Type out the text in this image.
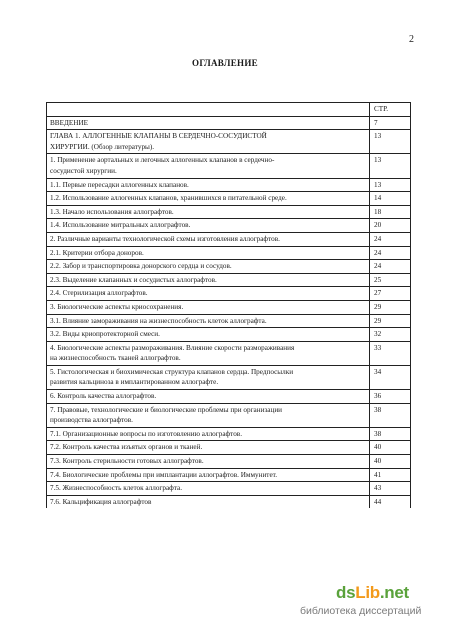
2
ОГЛАВЛЕНИЕ
	СТР.

ВВЕДЕНИЕ	7

ГЛАВА 1. АЛЛОГЕННЫЕ КЛАПАНЫ В СЕРДЕЧНО-СОСУДИСТОЙ
ХИРУРГИИ. (Обзор литературы).	13

1. Применение аортальных и легочных аллогенных клапанов в сердечно-
сосудистой хирургии.	13

1.1. Первые пересадки аллогенных клапанов.	13

1.2. Использование аллогенных клапанов, хранившихся в питательной среде.	14

1.3. Начало использования аллографтов.	18

1.4. Использование митральных аллографтов.	20

2. Различные варианты технологической схемы изготовления аллографтов.	24

2.1. Критерии отбора доноров.	24

2.2. Забор и транспортировка донорского сердца и сосудов.	24

2.3. Выделение клапанных и сосудистых аллографтов.	25

2.4. Стерилизация аллографтов.	27

3. Биологические аспекты криосохранения.	29

3.1. Влияние замораживания на жизнеспособность клеток аллографта.	29

3.2. Виды криопротекторной смеси.	32

4. Биологические аспекты размораживания. Влияние скорости размораживания
на жизнеспособность тканей аллографтов.	33

5. Гистологическая и биохимическая структура клапанов сердца. Предпосылки
развития кальциноза в имплантированном аллографте.	34

6. Контроль качества аллографтов.	36

7. Правовые, технологические и биологические проблемы при организации
производства аллографтов.	38

7.1. Организационные вопросы по изготовлению аллографтов.	38

7.2. Контроль качества изъятых органов и тканей.	40

7.3. Контроль стерильности готовых аллографтов.	40

7.4. Биологические проблемы при имплантации аллографтов. Иммунитет.	41

7.5. Жизнеспособность клеток аллографта.	43

7.6. Кальцификация аллографтов	44
dsLib.net
библиотека диссертаций
